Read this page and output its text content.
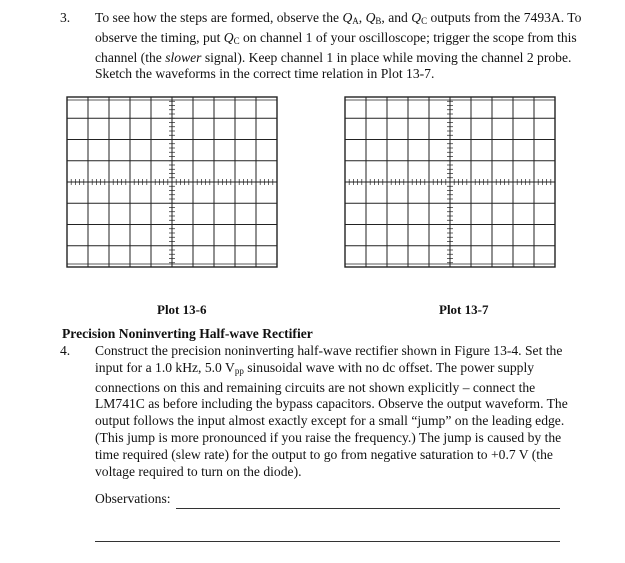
3. To see how the steps are formed, observe the $Q_A$, $Q_B$, and $Q_C$ outputs from the 7493A. To observe the timing, put $Q_C$ on channel 1 of your oscilloscope; trigger the scope from this channel (the slower signal). Keep channel 1 in place while moving the channel 2 probe. Sketch the waveforms in the correct time relation in Plot 13-7.

Plot 13-6	Plot 13-7
Precision Noninverting Half-wave Rectifier
4. Construct the precision noninverting half-wave rectifier shown in Figure 13-4. Set the input for a 1.0 kHz, 5.0 $V_{pp}$ sinusoidal wave with no dc offset. The power supply connections on this and remaining circuits are not shown explicitly – connect the LM741C as before including the bypass capacitors. Observe the output waveform. The output follows the input almost exactly except for a small “jump” on the leading edge. (This jump is more pronounced if you raise the frequency.) The jump is caused by the time required (slew rate) for the output to go from negative saturation to +0.7 V (the voltage required to turn on the diode).

Observations:
